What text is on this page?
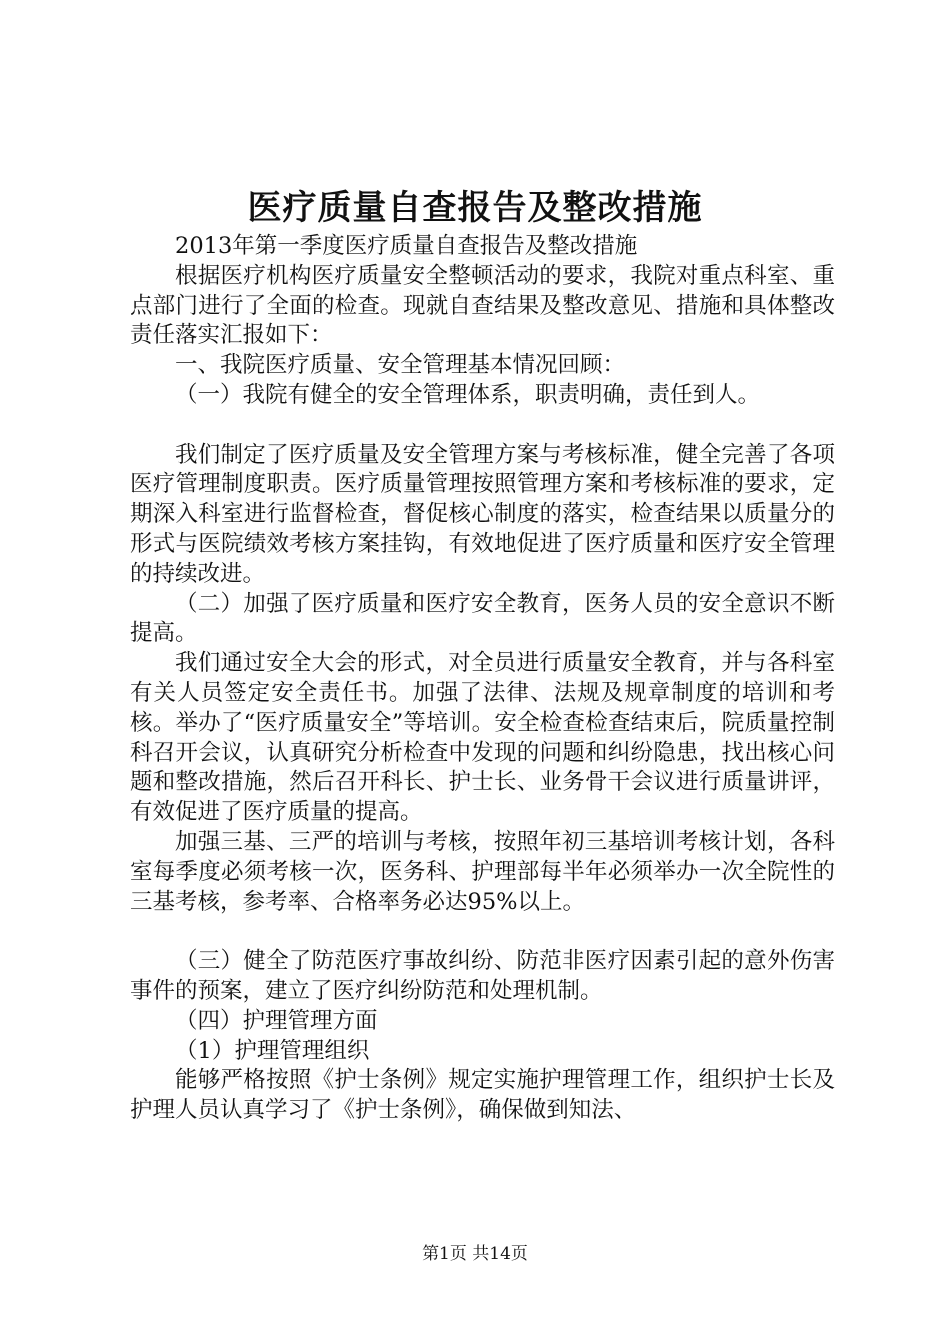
医疗质量自查报告及整改措施

2013年第一季度医疗质量自查报告及整改措施

根据医疗机构医疗质量安全整顿活动的要求，我院对重点科室、重点部门进行了全面的检查。现就自查结果及整改意见、措施和具体整改责任落实汇报如下：

一、我院医疗质量、安全管理基本情况回顾：

（一）我院有健全的安全管理体系，职责明确，责任到人。

我们制定了医疗质量及安全管理方案与考核标准，健全完善了各项医疗管理制度职责。医疗质量管理按照管理方案和考核标准的要求，定期深入科室进行监督检查，督促核心制度的落实，检查结果以质量分的形式与医院绩效考核方案挂钩，有效地促进了医疗质量和医疗安全管理的持续改进。

（二）加强了医疗质量和医疗安全教育，医务人员的安全意识不断提高。

我们通过安全大会的形式，对全员进行质量安全教育，并与各科室有关人员签定安全责任书。加强了法律、法规及规章制度的培训和考核。举办了“医疗质量安全”等培训。安全检查检查结束后，院质量控制科召开会议，认真研究分析检查中发现的问题和纠纷隐患，找出核心问题和整改措施，然后召开科长、护士长、业务骨干会议进行质量讲评，有效促进了医疗质量的提高。

加强三基、三严的培训与考核，按照年初三基培训考核计划，各科室每季度必须考核一次，医务科、护理部每半年必须举办一次全院性的三基考核，参考率、合格率务必达95%以上。

（三）健全了防范医疗事故纠纷、防范非医疗因素引起的意外伤害事件的预案，建立了医疗纠纷防范和处理机制。

（四）护理管理方面

（1）护理管理组织

能够严格按照《护士条例》规定实施护理管理工作，组织护士长及护理人员认真学习了《护士条例》，确保做到知法、

第1页 共14页
